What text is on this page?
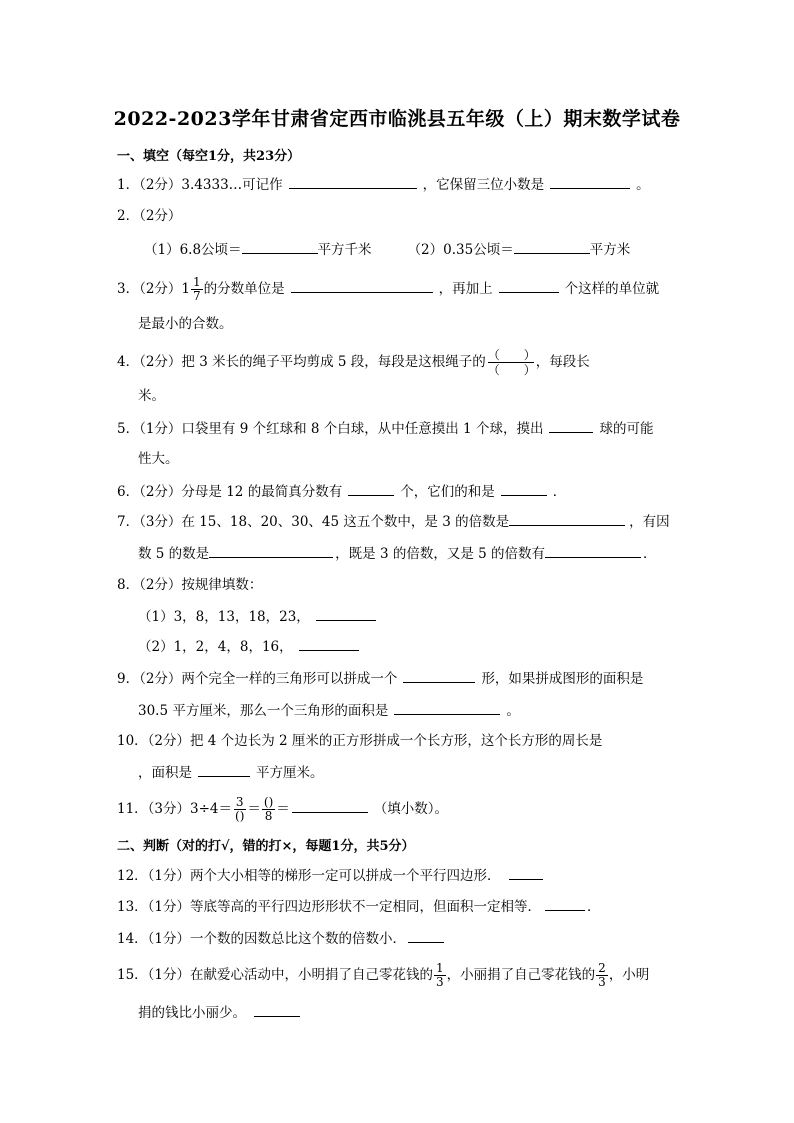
2022-2023学年甘肃省定西市临洮县五年级（上）期末数学试卷
一、填空（每空1分，共23分）
1．（2分）3.4333…可记作	，它保留三位小数是	。
2．（2分）
（1）6.8公顷＝	平方千米	（2）0.35公顷＝	平方米
3．（2分）$1 \frac{1}{7}$ 的分数单位是	，再加上	个这样的单位就
是最小的合数。
4．（2分）把 3 米长的绳子平均剪成 5 段，每段是这根绳子的 $\frac{( )}{( )}$ ，每段长
米。
5．（1分）口袋里有 9 个红球和 8 个白球，从中任意摸出 1 个球，摸出	球的可能
性大。
6．（2分）分母是 12 的最简真分数有	个，它们的和是	．
7．（3分）在 15、18、20、30、45 这五个数中，是 3 的倍数是	，有因
数 5 的数是	，既是 3 的倍数，又是 5 的倍数有	．
8．（2分）按规律填数：
（1）3，8，13，18，23，
（2）1，2，4，8，16，
9．（2分）两个完全一样的三角形可以拼成一个	形，如果拼成图形的面积是
30.5 平方厘米，那么一个三角形的面积是	。
10．（2分）把 4 个边长为 2 厘米的正方形拼成一个长方形，这个长方形的周长是
，面积是	平方厘米。
11．（3分）$3\div 4= \frac{3}{()} = \frac{()}{8}$ ＝	（填小数）。
二、判断（对的打√，错的打×，每题1分，共5分）
12．（1分）两个大小相等的梯形一定可以拼成一个平行四边形．
13．（1分）等底等高的平行四边形形状不一定相同，但面积一定相等．	．
14．（1分）一个数的因数总比这个数的倍数小．
15．（1分）在献爱心活动中，小明捐了自己零花钱的 $\frac{1}{3}$ ，小丽捐了自己零花钱的 $\frac{2}{3}$ ，小明
捐的钱比小丽少。
